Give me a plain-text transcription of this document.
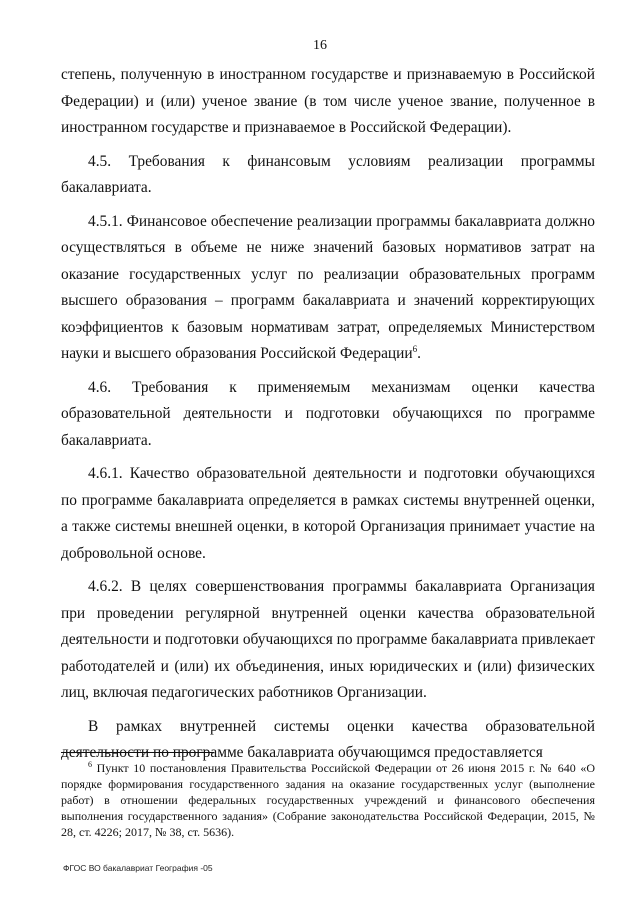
16

степень, полученную в иностранном государстве и признаваемую в Российской Федерации) и (или) ученое звание (в том числе ученое звание, полученное в иностранном государстве и признаваемое в Российской Федерации).

4.5. Требования к финансовым условиям реализации программы бакалавриата.

4.5.1. Финансовое обеспечение реализации программы бакалавриата должно осуществляться в объеме не ниже значений базовых нормативов затрат на оказание государственных услуг по реализации образовательных программ высшего образования – программ бакалавриата и значений корректирующих коэффициентов к базовым нормативам затрат, определяемых Министерством науки и высшего образования Российской Федерации$^6$.

4.6. Требования к применяемым механизмам оценки качества образовательной деятельности и подготовки обучающихся по программе бакалавриата.

4.6.1. Качество образовательной деятельности и подготовки обучающихся по программе бакалавриата определяется в рамках системы внутренней оценки, а также системы внешней оценки, в которой Организация принимает участие на добровольной основе.

4.6.2. В целях совершенствования программы бакалавриата Организация при проведении регулярной внутренней оценки качества образовательной деятельности и подготовки обучающихся по программе бакалавриата привлекает работодателей и (или) их объединения, иных юридических и (или) физических лиц, включая педагогических работников Организации.

В рамках внутренней системы оценки качества образовательной деятельности по программе бакалавриата обучающимся предоставляется

$^6$ Пункт 10 постановления Правительства Российской Федерации от 26 июня 2015 г. № 640 «О порядке формирования государственного задания на оказание государственных услуг (выполнение работ) в отношении федеральных государственных учреждений и финансового обеспечения выполнения государственного задания» (Собрание законодательства Российской Федерации, 2015, № 28, ст. 4226; 2017, № 38, ст. 5636).
ФГОС ВО бакалавриат География -05
